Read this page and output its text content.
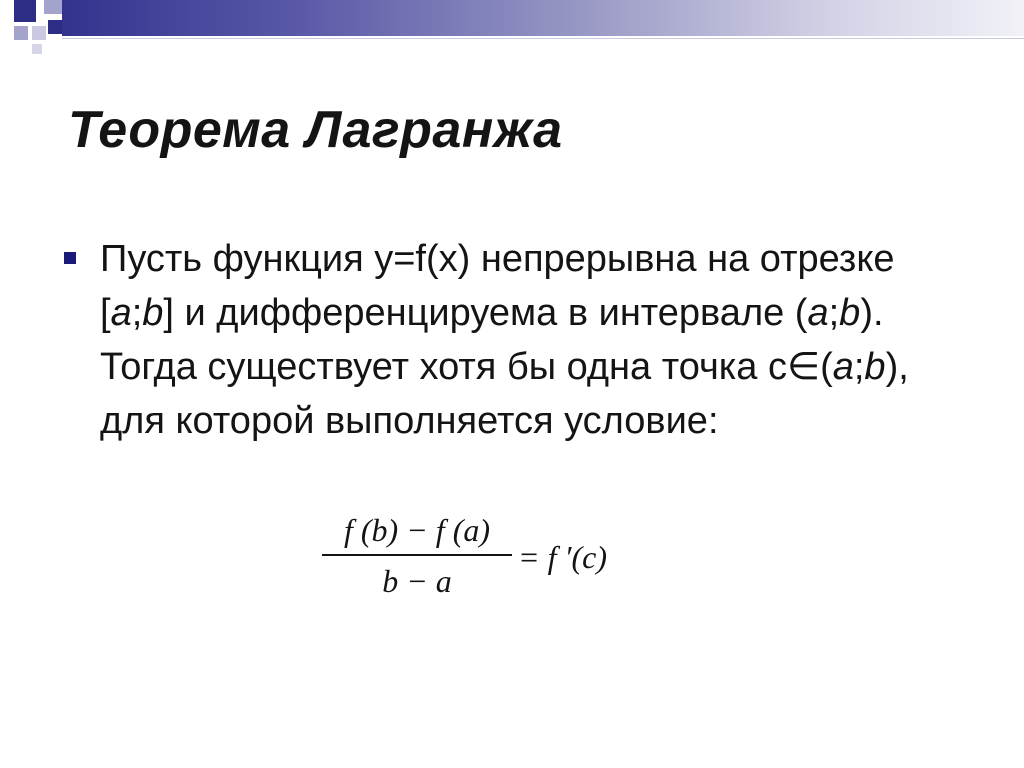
Теорема Лагранжа

Пусть функция y=f(x) непрерывна на отрезке [a;b] и дифференцируема в интервале (a;b). Тогда существует хотя бы одна точка c∈(a;b), для которой выполняется условие:

$\frac{f (b) - f (a)}{b - a} = f$ ′(c)
